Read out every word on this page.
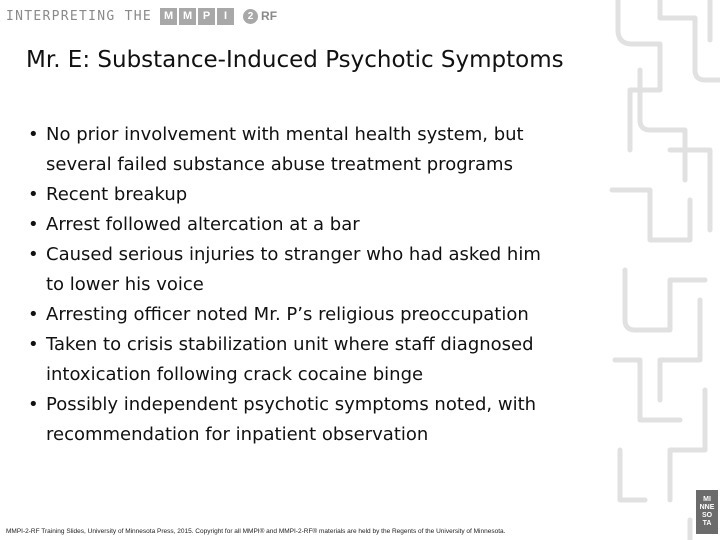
INTERPRETING THE	M M P	I	2 RF
Mr. E: Substance-Induced Psychotic Symptoms
• No prior involvement with mental health system, but
several failed substance abuse treatment programs
• Recent breakup
• Arrest followed altercation at a bar
• Caused serious injuries to stranger who had asked him
to lower his voice
• Arresting officer noted Mr. P’s religious preoccupation
• Taken to crisis stabilization unit where staff diagnosed
intoxication following crack cocaine binge
• Possibly independent psychotic symptoms noted, with
recommendation for inpatient observation
MMPI-2-RF Training Slides, University of Minnesota Press, 2015. Copyright for all MMPI® and MMPI-2-RF® materials are held by the Regents of the University of Minnesota.
MI
NNE
SO
TA
